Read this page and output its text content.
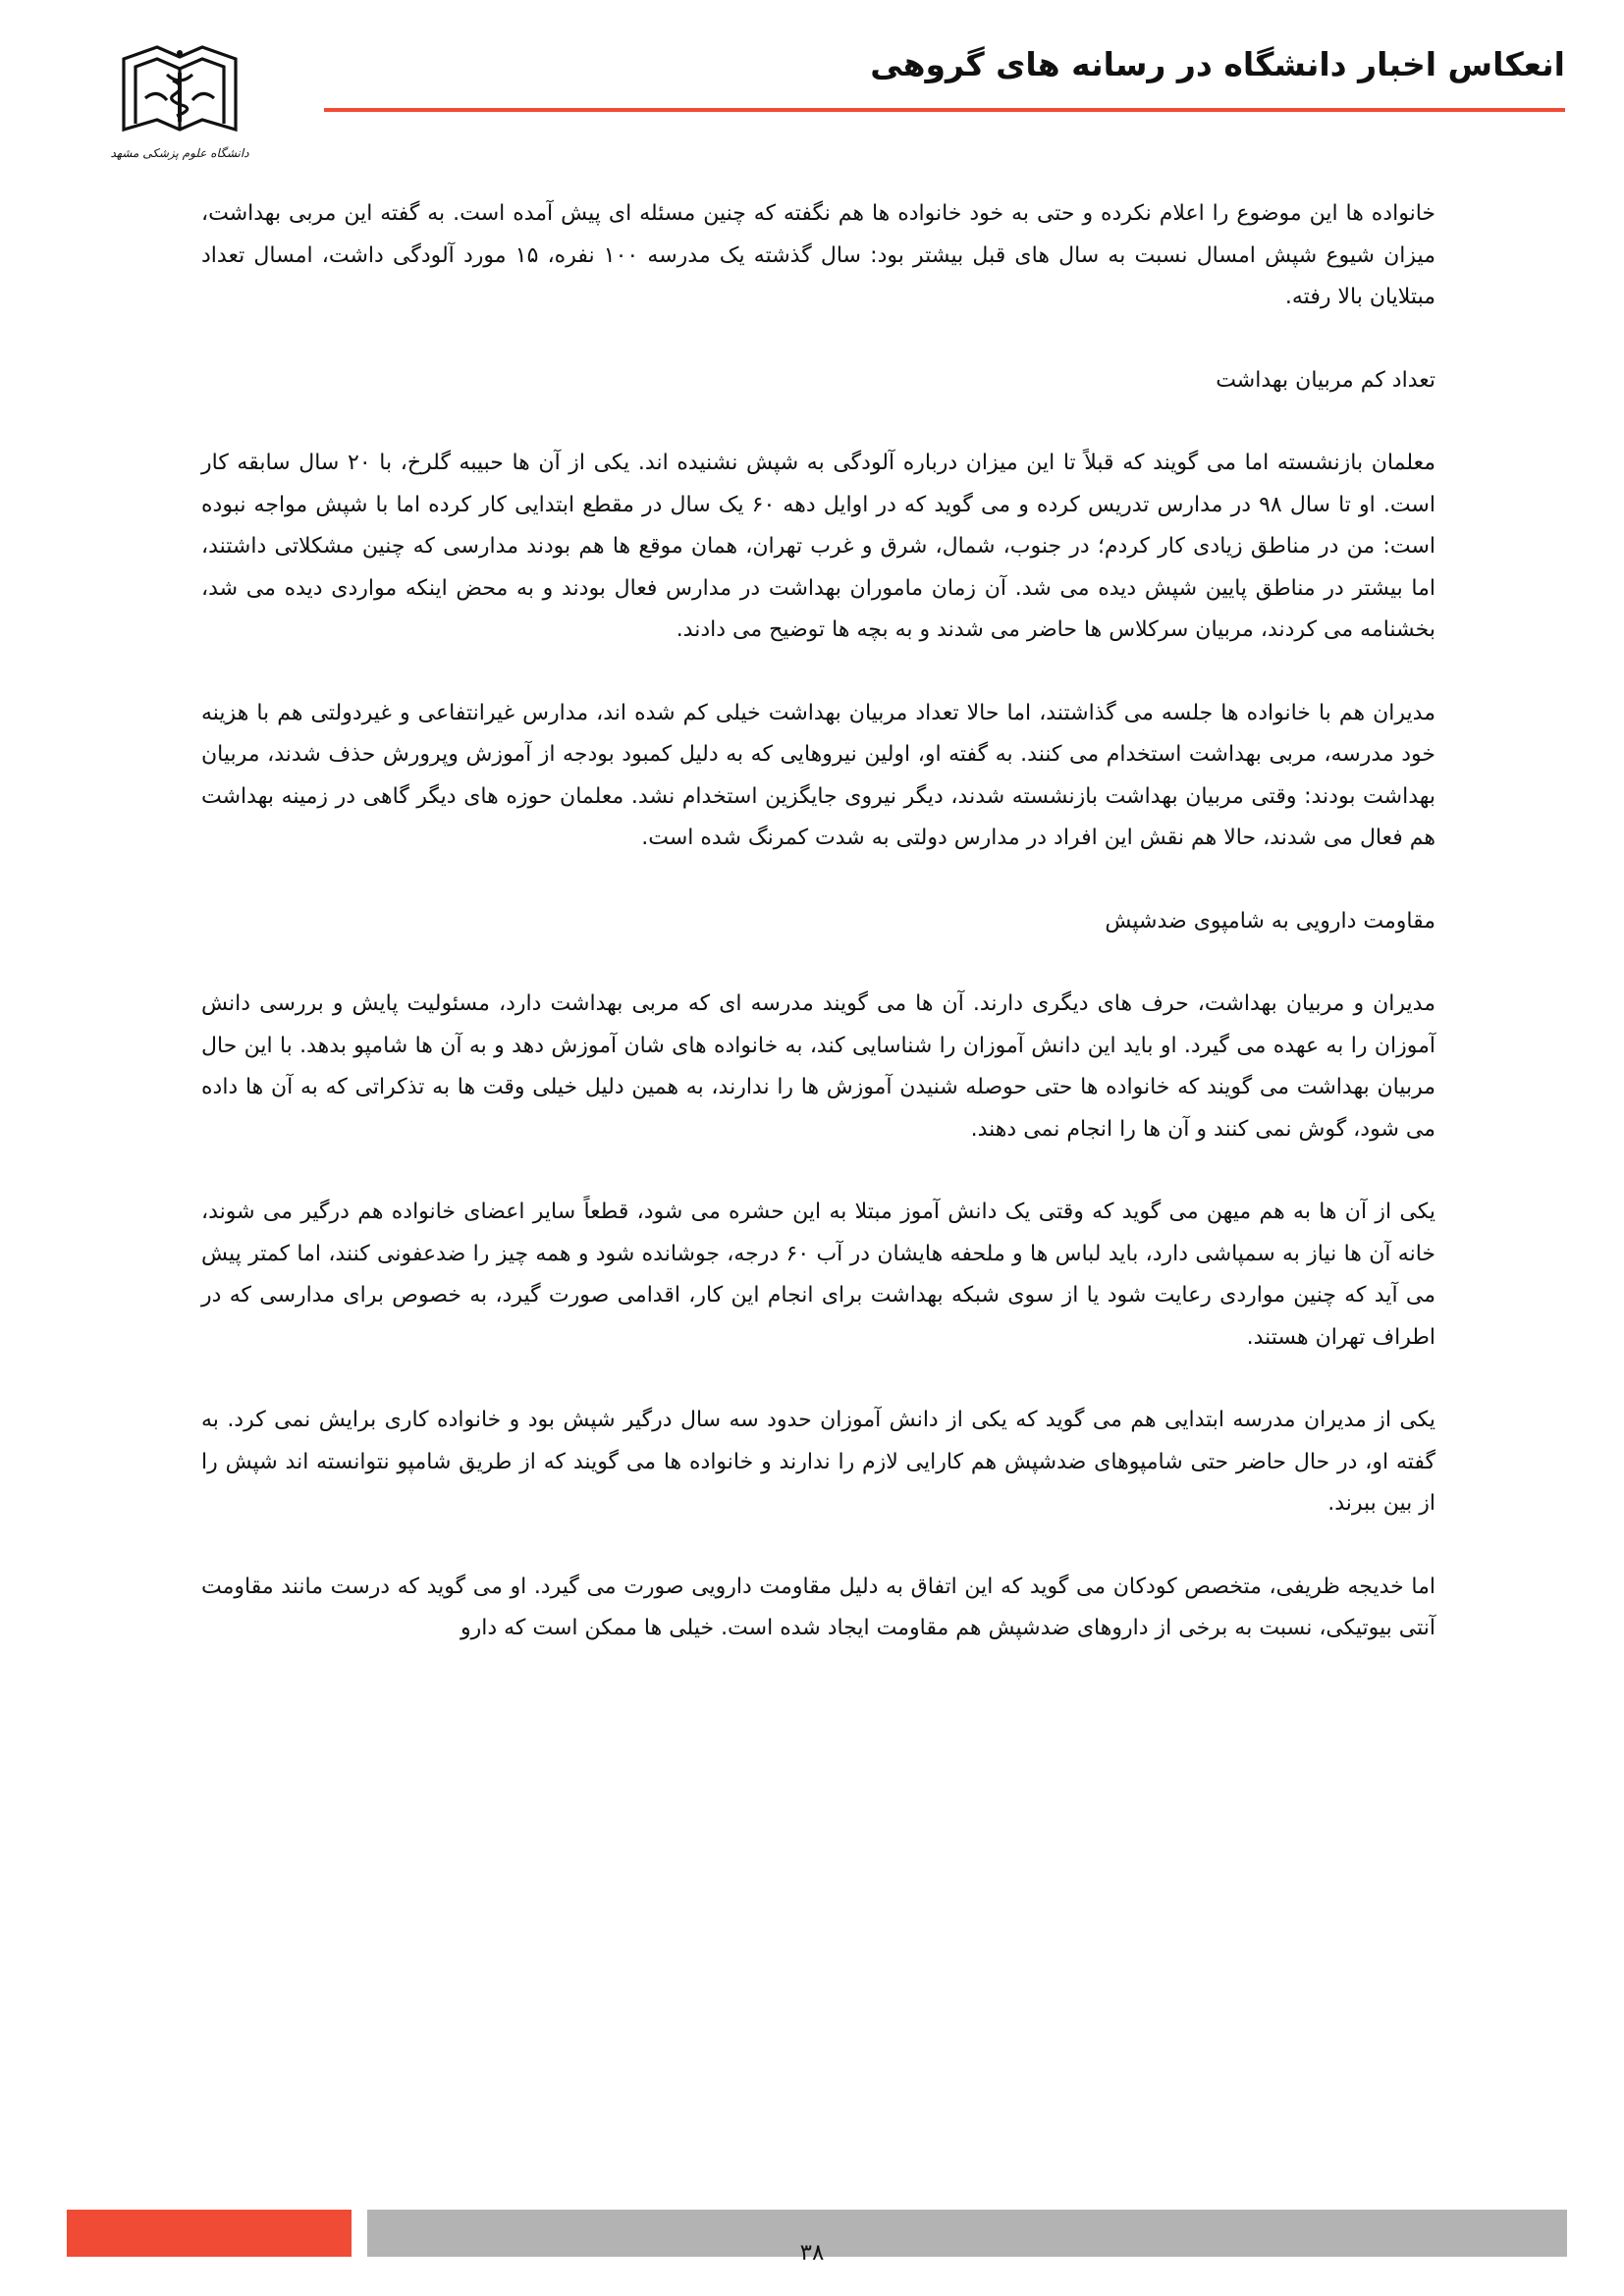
انعکاس اخبار دانشگاه در رسانه های گروهی
دانشگاه علوم پزشکی مشهد

خانواده ها این موضوع را اعلام نکرده و حتی به خود خانواده ها هم نگفته که چنین مسئله ای پیش آمده است. به گفته این مربی بهداشت، میزان شیوع شپش امسال نسبت به سال های قبل بیشتر بود: سال گذشته یک مدرسه ۱۰۰ نفره، ۱۵ مورد آلودگی داشت، امسال تعداد مبتلایان بالا رفته.

تعداد کم مربیان بهداشت

معلمان بازنشسته اما می گویند که قبلاً تا این میزان درباره آلودگی به شپش نشنیده اند. یکی از آن ها حبیبه گلرخ، با ۲۰ سال سابقه کار است. او تا سال ۹۸ در مدارس تدریس کرده و می گوید که در اوایل دهه ۶۰ یک سال در مقطع ابتدایی کار کرده اما با شپش مواجه نبوده است: من در مناطق زیادی کار کردم؛ در جنوب، شمال، شرق و غرب تهران، همان موقع ها هم بودند مدارسی که چنین مشکلاتی داشتند، اما بیشتر در مناطق پایین شپش دیده می شد. آن زمان ماموران بهداشت در مدارس فعال بودند و به محض اینکه مواردی دیده می شد، بخشنامه می کردند، مربیان سرکلاس ها حاضر می شدند و به بچه ها توضیح می دادند.

مدیران هم با خانواده ها جلسه می گذاشتند، اما حالا تعداد مربیان بهداشت خیلی کم شده اند، مدارس غیرانتفاعی و غیردولتی هم با هزینه خود مدرسه، مربی بهداشت استخدام می کنند. به گفته او، اولین نیروهایی که به دلیل کمبود بودجه از آموزش وپرورش حذف شدند، مربیان بهداشت بودند: وقتی مربیان بهداشت بازنشسته شدند، دیگر نیروی جایگزین استخدام نشد. معلمان حوزه های دیگر گاهی در زمینه بهداشت هم فعال می شدند، حالا هم نقش این افراد در مدارس دولتی به شدت کمرنگ شده است.

مقاومت دارویی به شامپوی ضدشپش

مدیران و مربیان بهداشت، حرف های دیگری دارند. آن ها می گویند مدرسه ای که مربی بهداشت دارد، مسئولیت پایش و بررسی دانش آموزان را به عهده می گیرد. او باید این دانش آموزان را شناسایی کند، به خانواده های شان آموزش دهد و به آن ها شامپو بدهد. با این حال مربیان بهداشت می گویند که خانواده ها حتی حوصله شنیدن آموزش ها را ندارند، به همین دلیل خیلی وقت ها به تذکراتی که به آن ها داده می شود، گوش نمی کنند و آن ها را انجام نمی دهند.

یکی از آن ها به هم میهن می گوید که وقتی یک دانش آموز مبتلا به این حشره می شود، قطعاً سایر اعضای خانواده هم درگیر می شوند، خانه آن ها نیاز به سمپاشی دارد، باید لباس ها و ملحفه هایشان در آب ۶۰ درجه، جوشانده شود و همه چیز را ضدعفونی کنند، اما کمتر پیش می آید که چنین مواردی رعایت شود یا از سوی شبکه بهداشت برای انجام این کار، اقدامی صورت گیرد، به خصوص برای مدارسی که در اطراف تهران هستند.

یکی از مدیران مدرسه ابتدایی هم می گوید که یکی از دانش آموزان حدود سه سال درگیر شپش بود و خانواده کاری برایش نمی کرد. به گفته او، در حال حاضر حتی شامپوهای ضدشپش هم کارایی لازم را ندارند و خانواده ها می گویند که از طریق شامپو نتوانسته اند شپش را از بین ببرند.

اما خدیجه ظریفی، متخصص کودکان می گوید که این اتفاق به دلیل مقاومت دارویی صورت می گیرد. او می گوید که درست مانند مقاومت آنتی بیوتیکی، نسبت به برخی از داروهای ضدشپش هم مقاومت ایجاد شده است. خیلی ها ممکن است که دارو

۳۸
